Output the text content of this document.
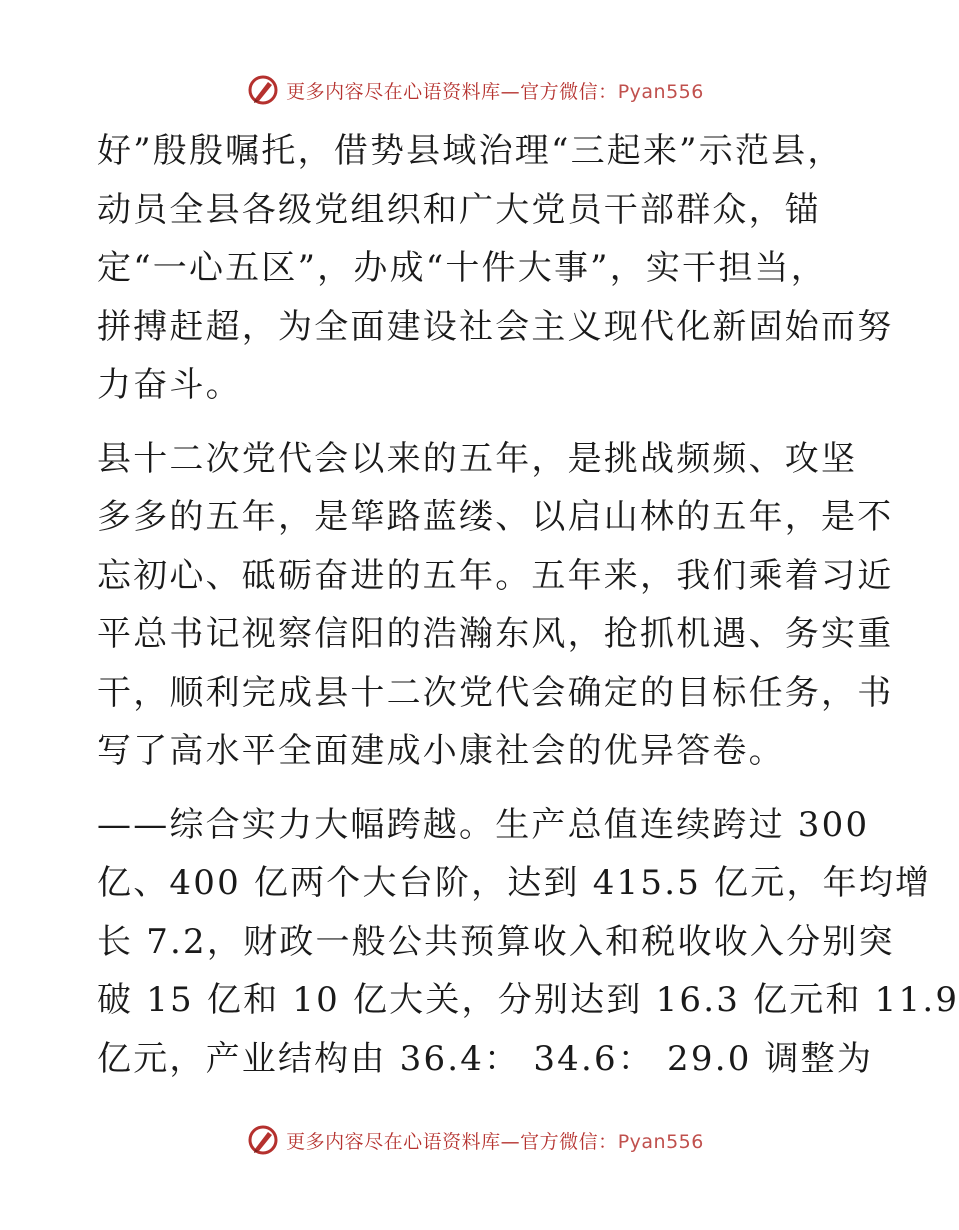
更多内容尽在心语资料库—官方微信：Pyan556

好”殷殷嘱托，借势县域治理“三起来”示范县，
动员全县各级党组织和广大党员干部群众，锚
定“一心五区”，办成“十件大事”，实干担当，
拼搏赶超，为全面建设社会主义现代化新固始而努
力奋斗。

县十二次党代会以来的五年，是挑战频频、攻坚
多多的五年，是筚路蓝缕、以启山林的五年，是不
忘初心、砥砺奋进的五年。五年来，我们乘着习近
平总书记视察信阳的浩瀚东风，抢抓机遇、务实重
干，顺利完成县十二次党代会确定的目标任务，书
写了高水平全面建成小康社会的优异答卷。

——综合实力大幅跨越。生产总值连续跨过 300
亿、400 亿两个大台阶，达到 415.5 亿元，年均增
长 7.2，财政一般公共预算收入和税收收入分别突
破 15 亿和 10 亿大关，分别达到 16.3 亿元和 11.9
亿元，产业结构由 36.4： 34.6： 29.0 调整为

更多内容尽在心语资料库—官方微信：Pyan556
